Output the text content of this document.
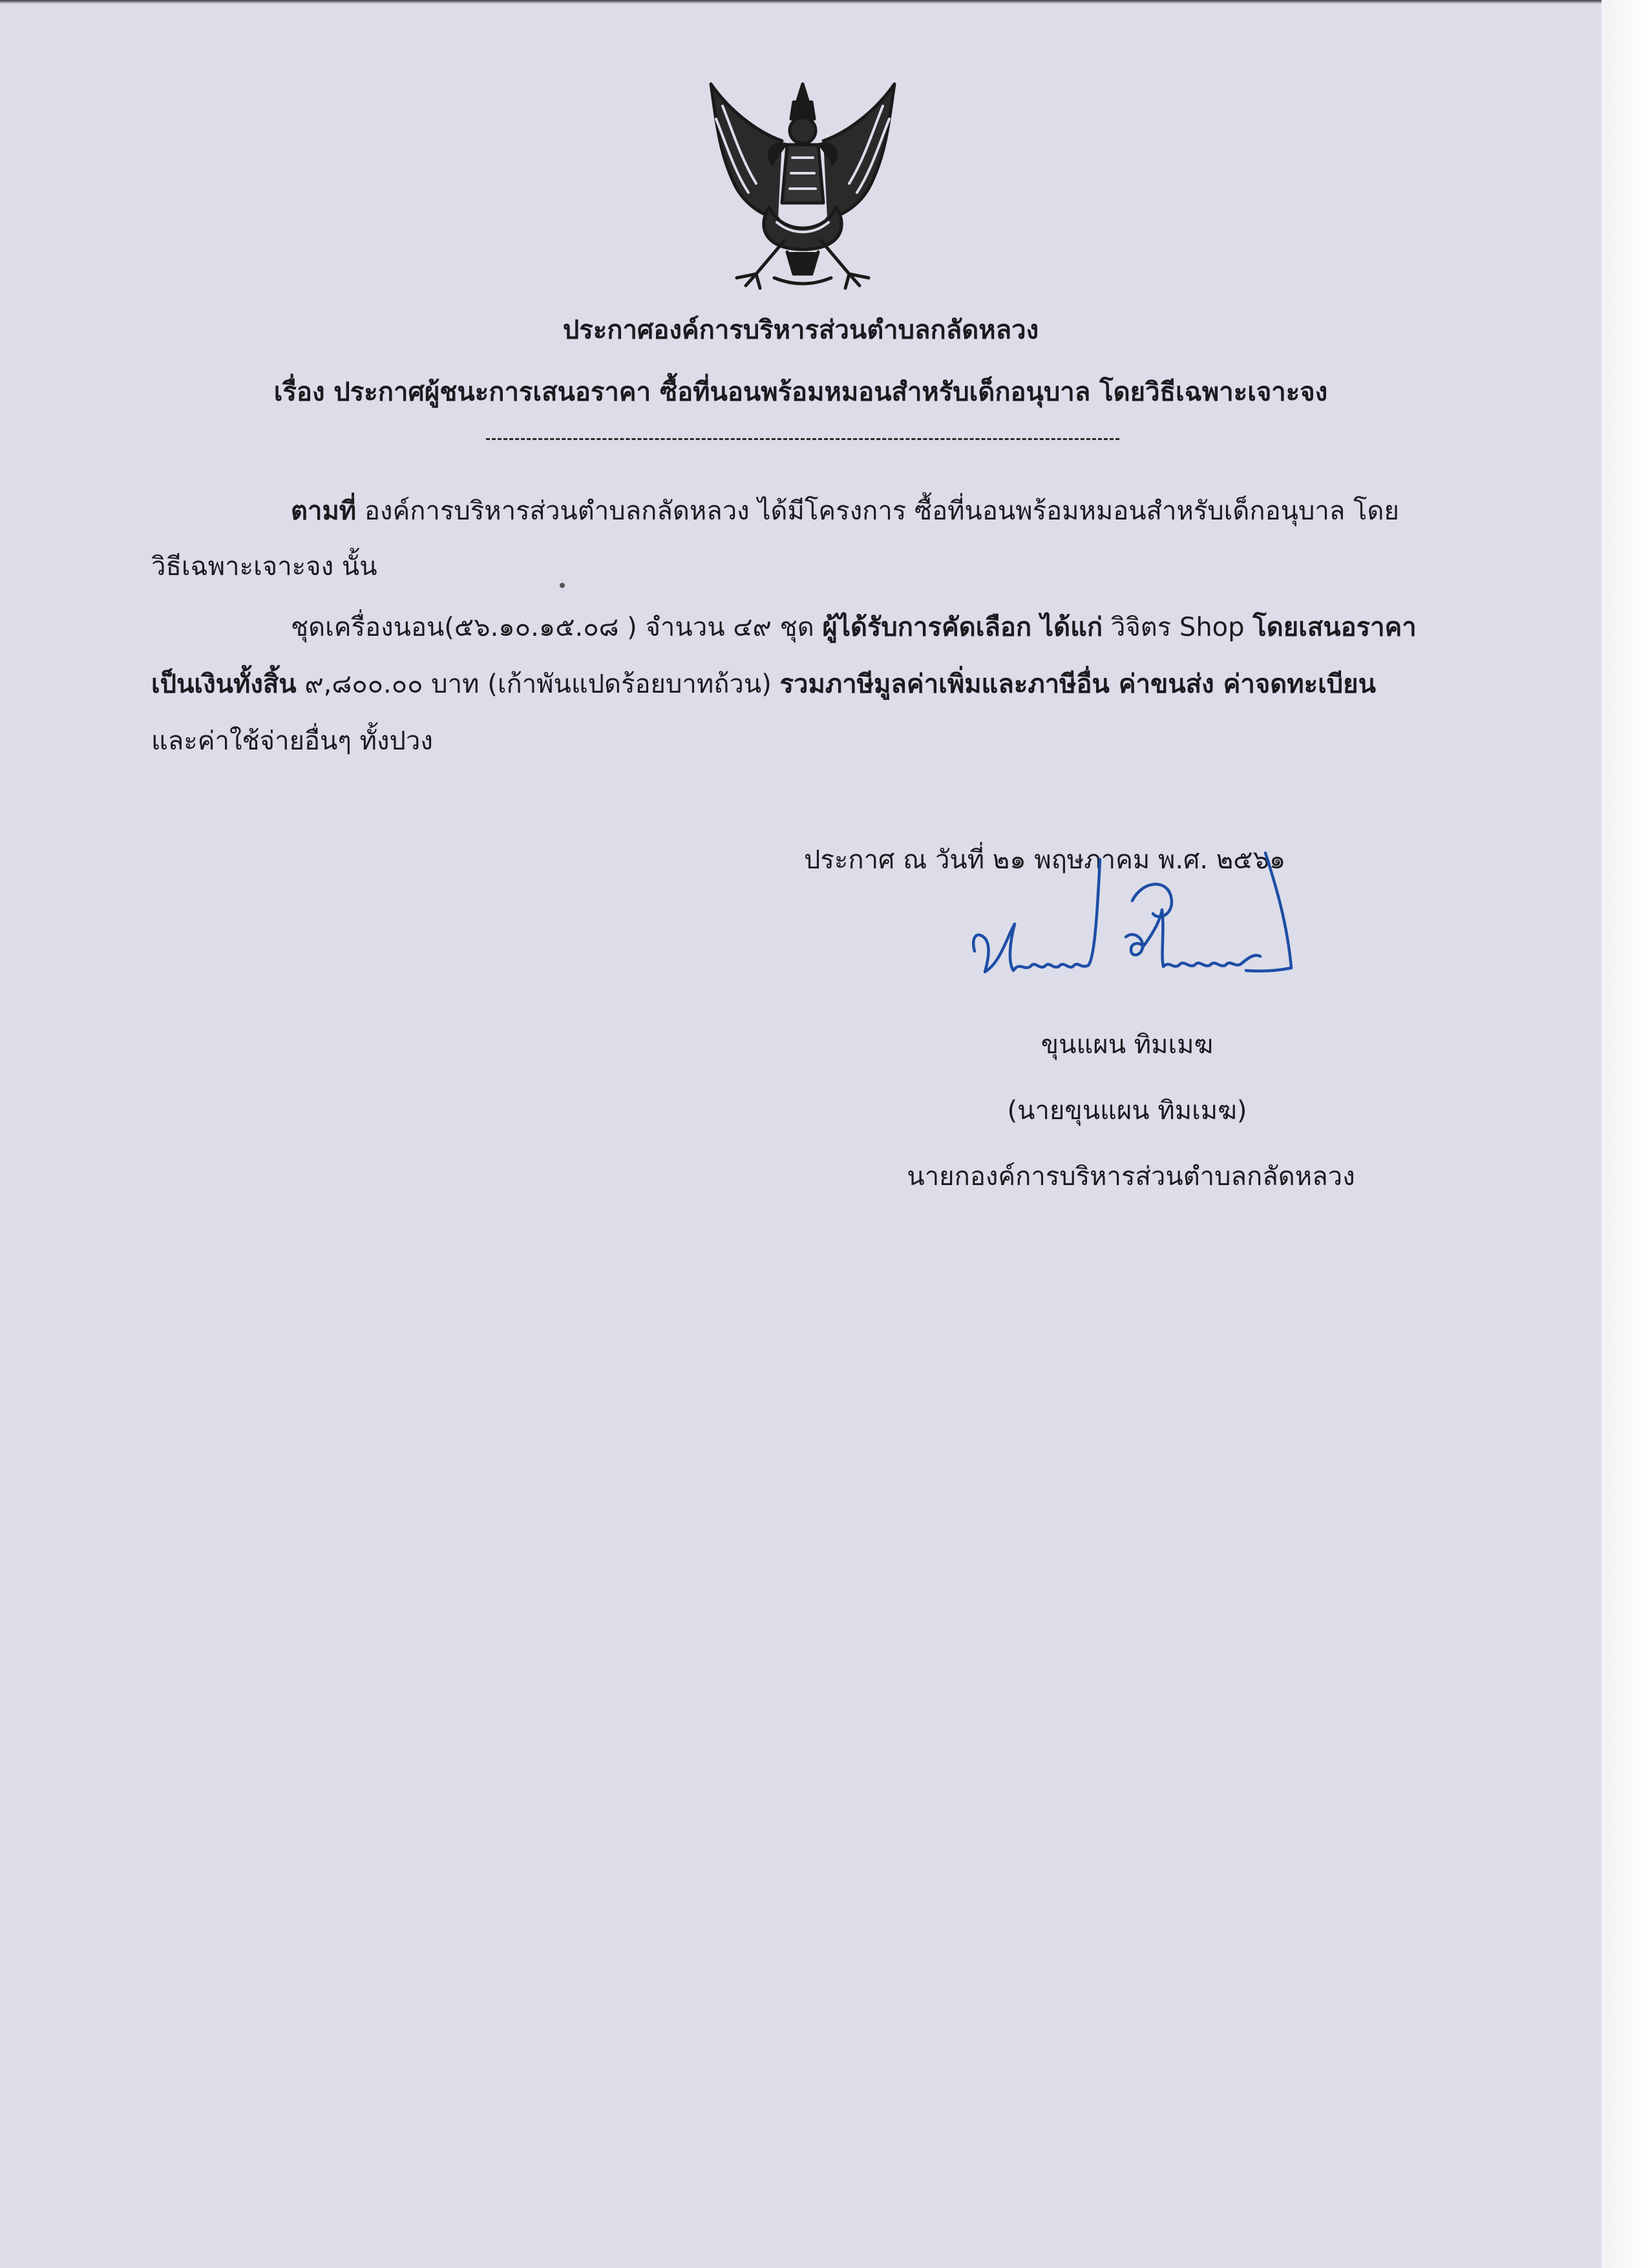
ประกาศองค์การบริหารส่วนตำบลกลัดหลวง
เรื่อง ประกาศผู้ชนะการเสนอราคา ซื้อที่นอนพร้อมหมอนสำหรับเด็กอนุบาล โดยวิธีเฉพาะเจาะจง
ตามที่ องค์การบริหารส่วนตำบลกลัดหลวง ได้มีโครงการ ซื้อที่นอนพร้อมหมอนสำหรับเด็กอนุบาล โดย
วิธีเฉพาะเจาะจง นั้น
ชุดเครื่องนอน(๕๖.๑๐.๑๕.๐๘ ) จำนวน ๔๙ ชุด ผู้ได้รับการคัดเลือก ได้แก่ วิจิตร Shop โดยเสนอราคา
เป็นเงินทั้งสิ้น ๙,๘๐๐.๐๐ บาท (เก้าพันแปดร้อยบาทถ้วน) รวมภาษีมูลค่าเพิ่มและภาษีอื่น ค่าขนส่ง ค่าจดทะเบียน
และค่าใช้จ่ายอื่นๆ ทั้งปวง
ประกาศ ณ วันที่ ๒๑ พฤษภาคม พ.ศ. ๒๕๖๑
ขุนแผน ทิมเมฆ
(นายขุนแผน ทิมเมฆ)
นายกองค์การบริหารส่วนตำบลกลัดหลวง
